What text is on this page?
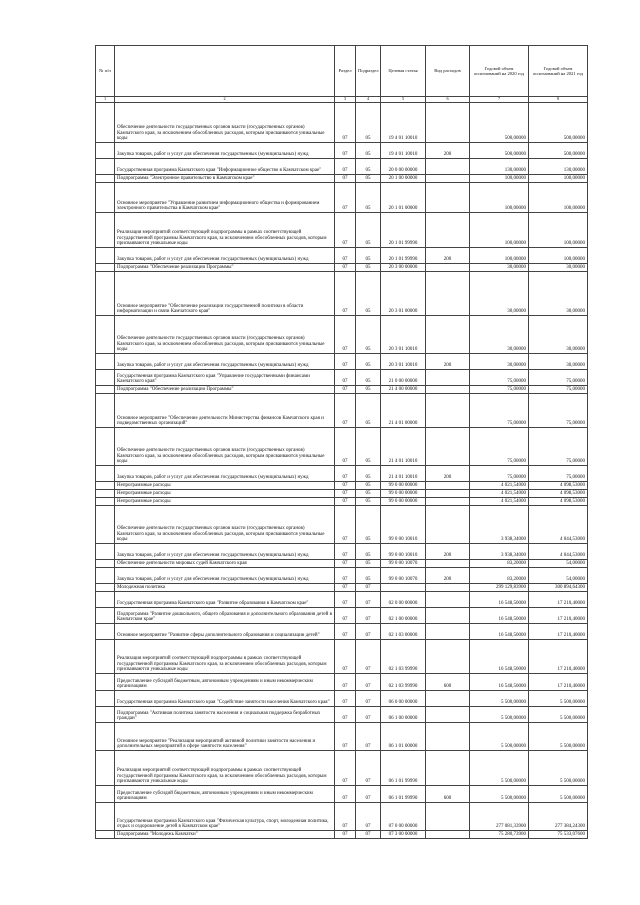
№ п/п		Раздел	Подраздел	Целевая статья	Вид расходов	Годовой объем ассигнований на 2020 год	Годовой объем ассигнований на 2021 год
1	2	3	4	5	6	7	8
	Обеспечение деятельности государственных органов власти (государственных органов) Камчатского края, за исключением обособленных расходов, которым присваиваются уникальные коды	07	05	19 4 01 10010		500,00000	500,00000
	Закупка товаров, работ и услуг для обеспечения государственных (муниципальных) нужд	07	05	19 4 01 10010	200	500,00000	500,00000
	Государственная программа Камчатского края "Информационное общество в Камчатском крае"	07	05	20 0 00 00000		130,00000	130,00000
	Подпрограмма "Электронное правительство в Камчатском крае"	07	05	20 1 00 00000		100,00000	100,00000
	Основное мероприятие "Управление развитием информационного общества и формированием электронного правительства в Камчатском крае"	07	05	20 1 01 00000		100,00000	100,00000
	Реализация мероприятий соответствующей подпрограммы в рамках соответствующей государственной программы Камчатского края, за исключением обособленных расходов, которым присваиваются уникальные коды	07	05	20 1 01 99990		100,00000	100,00000
	Закупка товаров, работ и услуг для обеспечения государственных (муниципальных) нужд	07	05	20 1 01 99990	200	100,00000	100,00000
	Подпрограмма "Обеспечение реализации Программы"	07	05	20 3 00 00000		30,00000	30,00000
	Основное мероприятие "Обеспечение реализации государственной политики в области информатизации и связи Камчатского края"	07	05	20 3 01 00000		30,00000	30,00000
	Обеспечение деятельности государственных органов власти (государственных органов) Камчатского края, за исключением обособленных расходов, которым присваиваются уникальные коды	07	05	20 3 01 10010		30,00000	30,00000
	Закупка товаров, работ и услуг для обеспечения государственных (муниципальных) нужд	07	05	20 3 01 10010	200	30,00000	30,00000
	Государственная программа Камчатского края "Управление государственными финансами Камчатского края"	07	05	21 0 00 00000		75,00000	75,00000
	Подпрограмма "Обеспечение реализации Программы"	07	05	21 4 00 00000		75,00000	75,00000
	Основное мероприятие "Обеспечение деятельности Министерства финансов Камчатского края и подведомственных организаций"	07	05	21 4 01 00000		75,00000	75,00000
	Обеспечение деятельности государственных органов власти (государственных органов) Камчатского края, за исключением обособленных расходов, которым присваиваются уникальные коды	07	05	21 4 01 10010		75,00000	75,00000
	Закупка товаров, работ и услуг для обеспечения государственных (муниципальных) нужд	07	05	21 4 01 10010	200	75,00000	75,00000
	Непрограммные расходы	07	05	99 0 00 00000		4 021,54000	4 098,53000
	Непрограммные расходы	07	05	99 0 00 00000		4 021,54000	4 098,53000
	Непрограммные расходы	07	05	99 0 00 00000		4 021,54000	4 098,53000
	Обеспечение деятельности государственных органов власти (государственных органов) Камчатского края, за исключением обособленных расходов, которым присваиваются уникальные коды	07	05	99 0 00 10010		3 938,34000	4 044,53000
	Закупка товаров, работ и услуг для обеспечения государственных (муниципальных) нужд	07	05	99 0 00 10010	200	3 938,34000	4 044,53000
	Обеспечение деятельности мировых судей Камчатского края	07	05	99 0 00 10070		83,20000	54,00000
	Закупка товаров, работ и услуг для обеспечения государственных (муниципальных) нужд	07	05	99 0 00 10070	200	83,20000	54,00000
	Молодежная политика	07	07			299 129,83900	300 894,64300
	Государственная программа Камчатского края "Развитие образования в Камчатском крае"	07	07	02 0 00 00000		16 548,50000	17 210,40000
	Подпрограмма "Развитие дошкольного, общего образования и дополнительного образования детей в Камчатском крае"	07	07	02 1 00 00000		16 548,50000	17 210,40000
	Основное мероприятие "Развитие сферы дополнительного образования и социализации детей"	07	07	02 1 03 00000		16 548,50000	17 210,40000
	Реализация мероприятий соответствующей подпрограммы в рамках соответствующей государственной программы Камчатского края, за исключением обособленных расходов, которым присваиваются уникальные коды	07	07	02 1 03 99990		16 548,50000	17 210,40000
	Предоставление субсидий бюджетным, автономным учреждениям и иным некоммерческим организациям	07	07	02 1 03 99990	600	16 548,50000	17 210,40000
	Государственная программа Камчатского края "Содействие занятости населения Камчатского края"	07	07	06 0 00 00000		5 500,00000	5 500,00000
	Подпрограмма "Активная политика занятости населения и социальная поддержка безработных граждан"	07	07	06 1 00 00000		5 500,00000	5 500,00000
	Основное мероприятие "Реализация мероприятий активной политики занятости населения и дополнительных мероприятий в сфере занятости населения"	07	07	06 1 01 00000		5 500,00000	5 500,00000
	Реализация мероприятий соответствующей подпрограммы в рамках соответствующей государственной программы Камчатского края, за исключением обособленных расходов, которым присваиваются уникальные коды	07	07	06 1 01 99990		5 500,00000	5 500,00000
	Предоставление субсидий бюджетным, автономным учреждениям и иным некоммерческим организациям	07	07	06 1 01 99990	600	5 500,00000	5 500,00000
	Государственная программа Камчатского края "Физическая культура, спорт, молодежная политика, отдых и оздоровление детей в Камчатском крае"	07	07	07 0 00 00000		277 081,33900	277 384,24300
	Подпрограмма "Молодежь Камчатки"	07	07	07 3 00 00000		75 280,73900	75 533,07600
